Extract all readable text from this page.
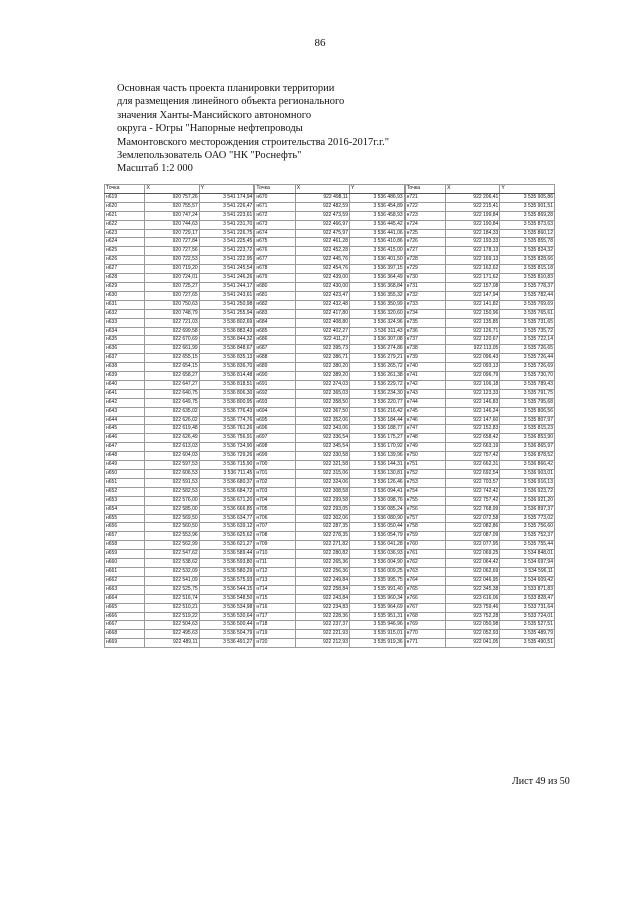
86
Основная часть проекта планировки территории
для размещения линейного объекта регионального
значения Ханты-Мансийского автономного
округа - Югры "Напорные нефтепроводы
Мамонтовского месторождения строительства 2016-2017г.г."
Землепользователь ОАО "НК "Роснефть"
Масштаб 1:2 000
Точка	X	Y
н619	920 757,26	3 541 174,94
н620	920 755,57	3 541 226,47
н621	920 747,24	3 541 223,61
н622	920 744,63	3 541 231,70
н623	920 729,17	3 541 226,75
н624	920 727,84	3 541 225,45
н625	920 727,56	3 541 223,72
н626	920 722,53	3 541 222,95
н627	920 719,20	3 541 245,54
н628	920 724,01	3 541 246,26
н629	920 725,27	3 541 244,17
н630	920 727,65	3 541 243,61
н631	920 750,63	3 541 250,98
н632	920 748,79	3 541 255,94
н633	922 721,03	3 536 802,69
н634	922 699,58	3 536 883,43
н635	922 670,69	3 536 844,32
н636	922 661,99	3 536 848,67
н637	922 655,15	3 536 835,13
н638	922 654,15	3 536 836,70
н639	922 658,27	3 536 814,48
н640	922 647,27	3 536 818,51
н641	922 640,75	3 536 806,30
н642	922 649,75	3 536 800,95
н643	922 635,02	3 536 776,43
н644	922 626,02	3 536 774,76
н645	922 619,48	3 536 761,26
н646	922 626,49	3 536 756,91
н647	922 613,03	3 536 734,90
н648	922 604,03	3 536 729,26
н649	922 597,53	3 536 715,90
н650	922 606,53	3 536 711,45
н651	922 591,53	3 536 680,37
н652	922 582,53	3 536 684,72
н653	922 576,00	3 536 671,20
н654	922 585,00	3 536 666,85
н655	922 569,50	3 536 634,77
н656	922 560,50	3 536 639,12
н657	922 553,96	3 536 625,62
н658	922 562,99	3 536 621,27
н659	922 547,62	3 536 589,44
н660	922 538,62	3 536 593,80
н661	922 532,09	3 536 580,29
н662	922 541,09	3 536 575,93
н663	922 525,75	3 536 544,15
н664	922 516,74	3 536 548,50
н665	922 510,21	3 536 534,98
н666	922 519,22	3 536 530,64
н667	922 504,63	3 536 500,44
н668	922 495,63	3 536 504,79
н669	922 489,11	3 536 491,27
Точка	X	Y
н670	922 498,11	3 536 486,93
н671	922 482,59	3 536 454,89
н672	922 473,59	3 536 458,93
н673	922 466,97	3 536 445,42
н674	922 475,97	3 536 441,06
н675	922 461,28	3 536 410,86
н676	922 452,28	3 536 415,00
н677	922 445,76	3 536 401,50
н678	922 454,76	3 536 397,15
н679	922 439,00	3 536 364,49
н680	922 430,00	3 536 368,84
н681	922 423,47	3 536 355,32
н682	922 432,48	3 536 350,99
н683	922 417,80	3 536 320,60
н684	922 408,80	3 536 324,96
н685	922 402,27	3 536 311,43
н686	922 411,27	3 536 307,08
н687	922 395,73	3 536 274,86
н688	922 386,71	3 536 279,21
н689	922 380,20	3 536 265,72
н690	922 389,20	3 536 261,38
н691	922 374,03	3 536 229,72
н692	922 365,03	3 536 234,30
н693	922 358,50	3 536 220,77
н694	922 367,50	3 536 216,42
н695	922 352,06	3 536 184,44
н696	922 343,06	3 536 188,77
н697	922 336,54	3 536 175,27
н698	922 345,54	3 536 170,92
н699	922 330,58	3 536 139,96
н700	922 321,58	3 536 144,31
н701	922 315,06	3 536 130,81
н702	922 324,06	3 536 126,46
н703	922 308,58	3 536 094,41
н704	922 299,58	3 536 098,76
н705	922 293,05	3 536 085,24
н706	922 302,06	3 536 080,90
н707	922 287,35	3 536 050,44
н708	922 278,35	3 536 054,79
н709	922 271,82	3 536 041,28
н710	922 280,82	3 536 036,93
н711	922 265,36	3 536 004,90
н712	922 256,36	3 536 009,25
н713	922 249,84	3 535 995,75
н714	922 258,84	3 535 991,40
н715	922 243,84	3 535 960,34
н716	922 234,83	3 535 964,69
н717	922 228,36	3 535 951,31
н718	922 237,37	3 535 946,96
н719	922 221,93	3 535 915,01
н720	922 212,93	3 535 919,36
Точка	X	Y
н721	922 206,41	3 535 905,86
н722	922 215,41	3 535 901,51
н723	922 199,84	3 535 869,28
н724	922 190,84	3 535 873,63
н725	922 184,33	3 535 860,12
н726	922 193,33	3 535 855,78
н727	922 178,13	3 535 824,32
н728	922 169,13	3 535 828,66
н729	922 162,62	3 535 815,18
н730	922 171,62	3 535 810,83
н731	922 157,08	3 535 778,37
н732	922 147,94	3 535 782,44
н733	922 141,82	3 535 769,69
н734	922 150,96	3 535 765,61
н735	922 135,85	3 535 731,65
н736	922 126,71	3 535 735,72
н737	922 120,67	3 535 722,14
н738	922 113,05	3 535 726,65
н739	922 096,43	3 535 726,44
н740	922 093,13	3 535 726,69
н741	922 096,79	3 535 730,70
н742	922 106,18	3 535 789,43
н743	922 123,33	3 535 791,75
н744	922 146,83	3 535 795,68
н745	922 146,24	3 535 806,56
н746	922 147,60	3 535 807,97
н747	922 152,83	3 535 815,23
н748	922 658,42	3 536 853,90
н749	922 663,19	3 536 865,97
н750	922 757,42	3 536 878,52
н751	922 662,31	3 536 866,42
н752	922 692,54	3 536 903,01
н753	922 703,57	3 536 916,13
н754	922 742,42	3 536 923,72
н755	922 757,42	3 536 921,20
н756	922 768,99	3 536 897,37
н757	922 072,58	3 535 773,02
н758	922 082,86	3 535 756,60
н759	922 087,09	3 535 752,37
н760	922 077,95	3 535 755,44
н761	922 069,25	3 534 848,01
н762	922 064,42	3 534 697,94
н763	922 062,69	3 534 596,11
н764	922 046,95	3 534 609,42
н765	922 345,38	3 533 871,83
н766	923 616,06	3 533 828,47
н767	923 759,46	3 533 731,64
н768	923 752,28	3 533 724,01
н769	922 050,98	3 535 527,51
н770	922 052,93	3 535 489,79
н771	922 041,05	3 535 490,51
Лист 49 из 50
